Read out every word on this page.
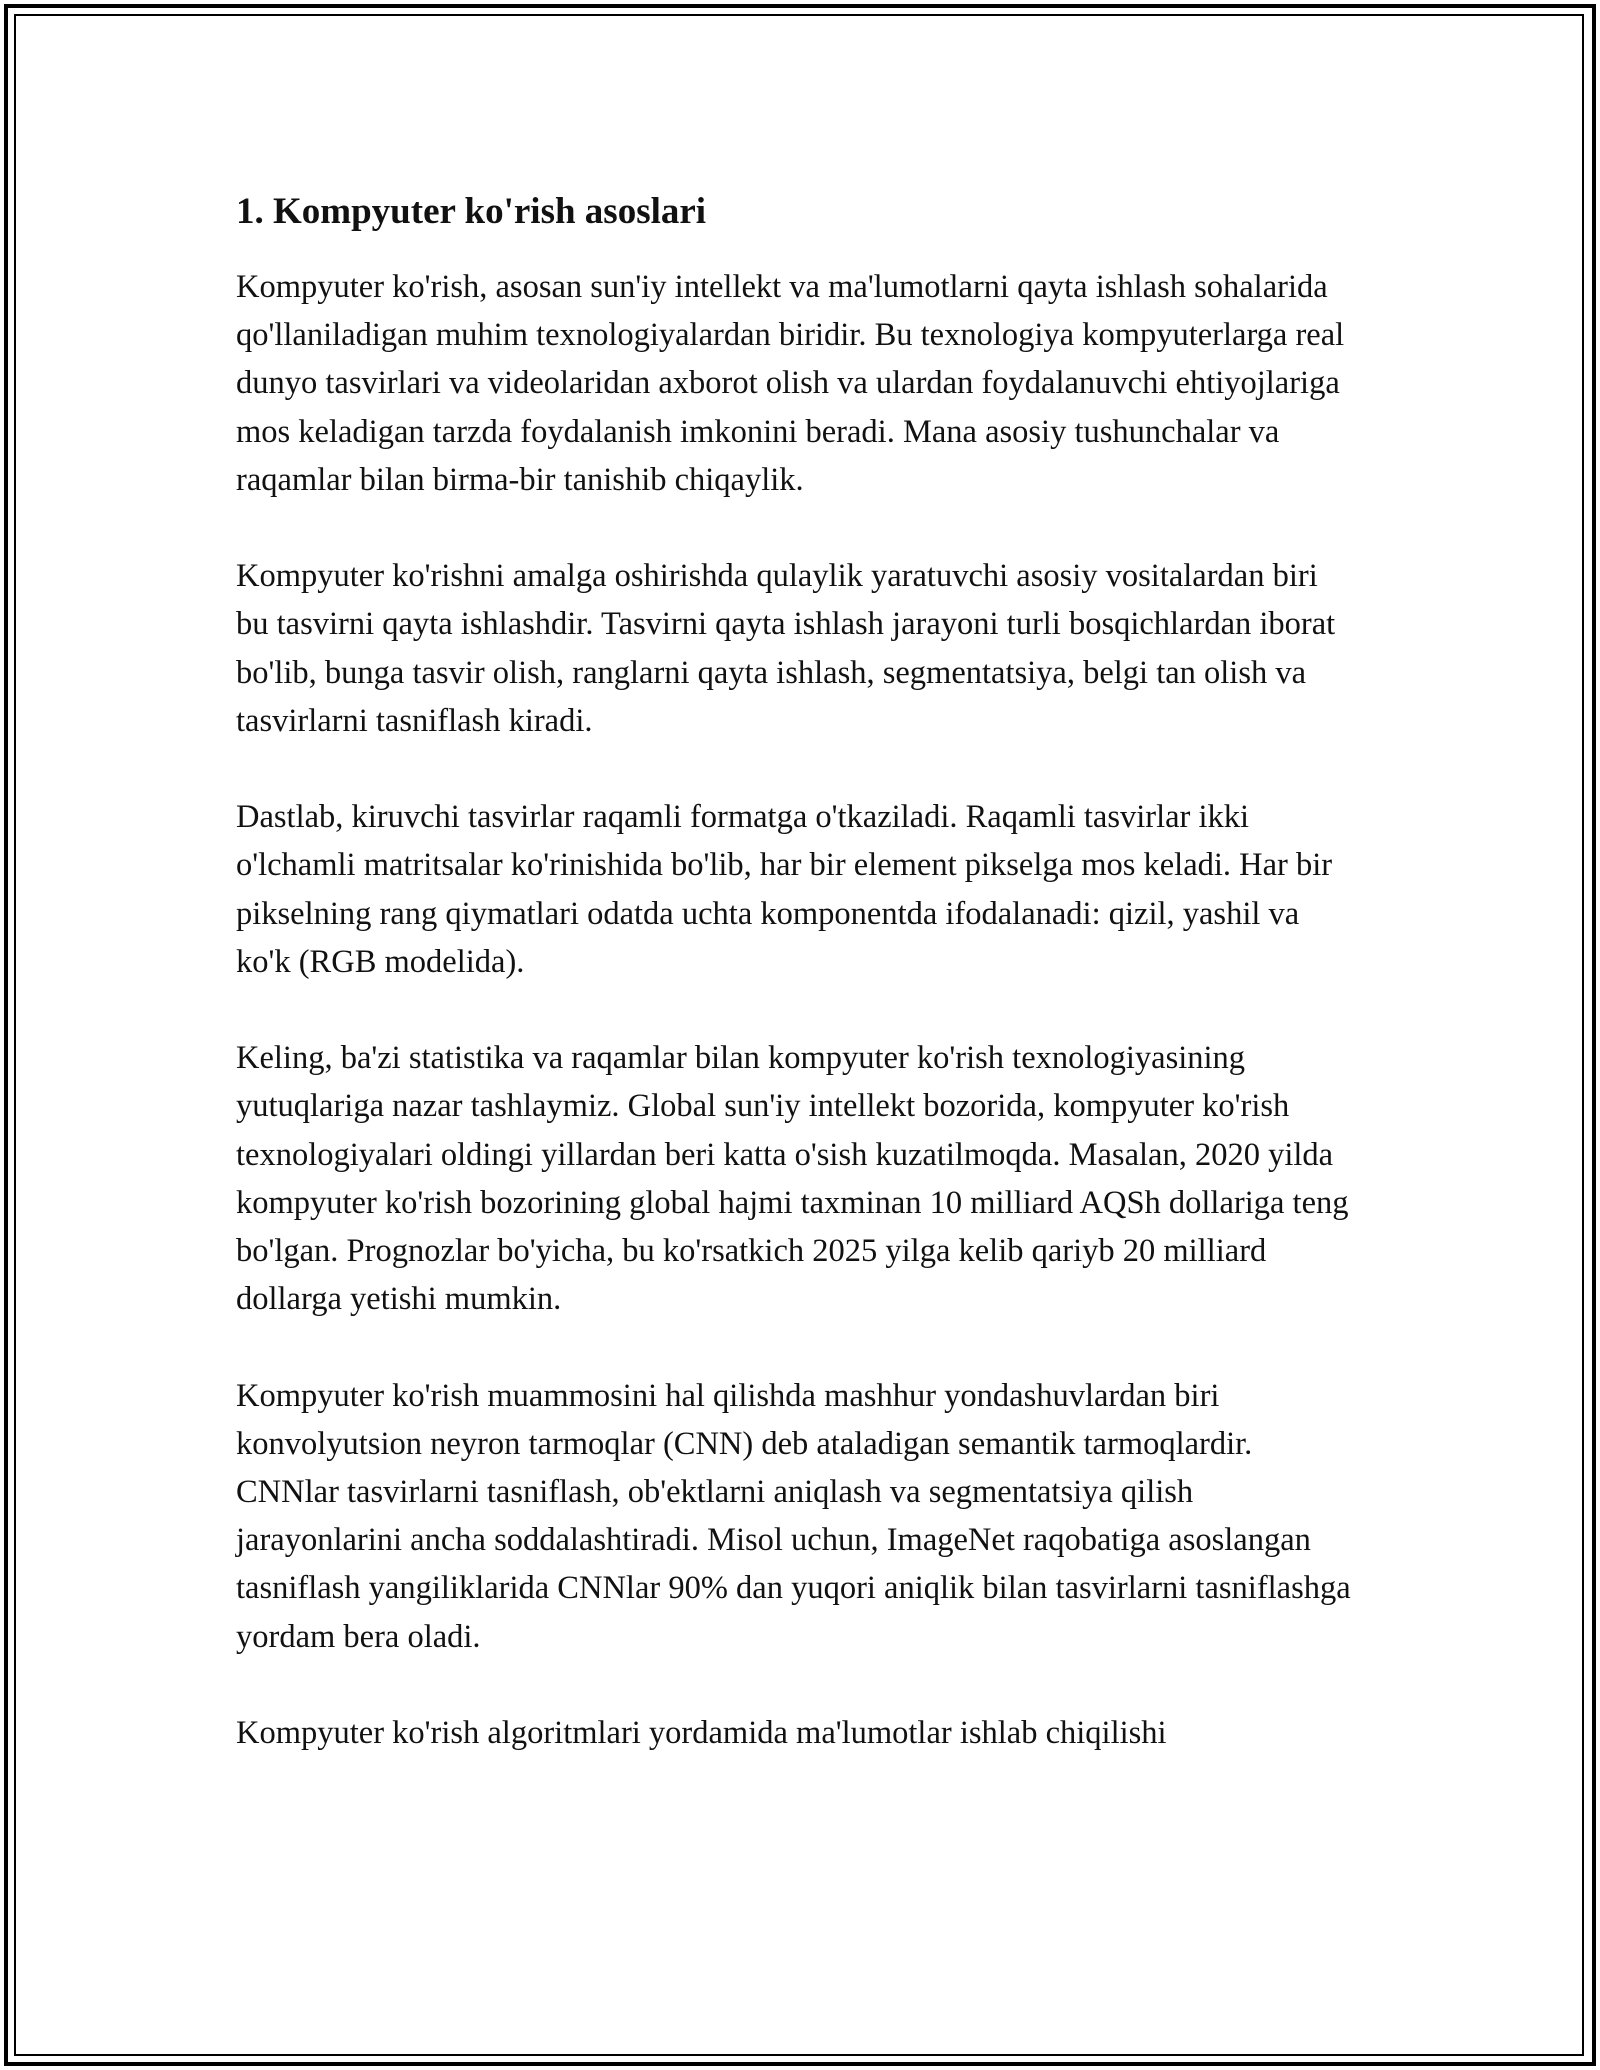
1. Kompyuter ko'rish asoslari

Kompyuter ko'rish, asosan sun'iy intellekt va ma'lumotlarni qayta ishlash sohalarida qo'llaniladigan muhim texnologiyalardan biridir. Bu texnologiya kompyuterlarga real dunyo tasvirlari va videolaridan axborot olish va ulardan foydalanuvchi ehtiyojlariga mos keladigan tarzda foydalanish imkonini beradi. Mana asosiy tushunchalar va raqamlar bilan birma-bir tanishib chiqaylik.

Kompyuter ko'rishni amalga oshirishda qulaylik yaratuvchi asosiy vositalardan biri bu tasvirni qayta ishlashdir. Tasvirni qayta ishlash jarayoni turli bosqichlardan iborat bo'lib, bunga tasvir olish, ranglarni qayta ishlash, segmentatsiya, belgi tan olish va tasvirlarni tasniflash kiradi.

Dastlab, kiruvchi tasvirlar raqamli formatga o'tkaziladi. Raqamli tasvirlar ikki o'lchamli matritsalar ko'rinishida bo'lib, har bir element pikselga mos keladi. Har bir pikselning rang qiymatlari odatda uchta komponentda ifodalanadi: qizil, yashil va ko'k (RGB modelida).

Keling, ba'zi statistika va raqamlar bilan kompyuter ko'rish texnologiyasining yutuqlariga nazar tashlaymiz. Global sun'iy intellekt bozorida, kompyuter ko'rish texnologiyalari oldingi yillardan beri katta o'sish kuzatilmoqda. Masalan, 2020 yilda kompyuter ko'rish bozorining global hajmi taxminan 10 milliard AQSh dollariga teng bo'lgan. Prognozlar bo'yicha, bu ko'rsatkich 2025 yilga kelib qariyb 20 milliard dollarga yetishi mumkin.

Kompyuter ko'rish muammosini hal qilishda mashhur yondashuvlardan biri konvolyutsion neyron tarmoqlar (CNN) deb ataladigan semantik tarmoqlardir. CNNlar tasvirlarni tasniflash, ob'ektlarni aniqlash va segmentatsiya qilish jarayonlarini ancha soddalashtiradi. Misol uchun, ImageNet raqobatiga asoslangan tasniflash yangiliklarida CNNlar 90% dan yuqori aniqlik bilan tasvirlarni tasniflashga yordam bera oladi.

Kompyuter ko'rish algoritmlari yordamida ma'lumotlar ishlab chiqilishi
